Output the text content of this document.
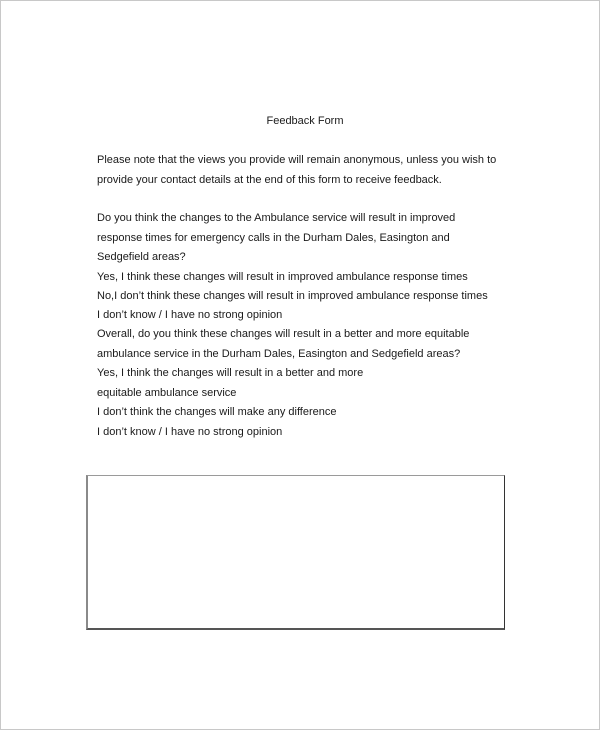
Feedback Form
Please note that the views you provide will remain anonymous, unless you wish to
provide your contact details at the end of this form to receive feedback.
Do you think the changes to the Ambulance service will result in improved
response times for emergency calls in the Durham Dales, Easington and
Sedgefield areas?
Yes, I think these changes will result in improved ambulance response times
No,I don’t think these changes will result in improved ambulance response times
I don’t know / I have no strong opinion
Overall, do you think these changes will result in a better and more equitable
ambulance service in the Durham Dales, Easington and Sedgefield areas?
Yes, I think the changes will result in a better and more
equitable ambulance service
I don’t think the changes will make any difference
I don’t know / I have no strong opinion
